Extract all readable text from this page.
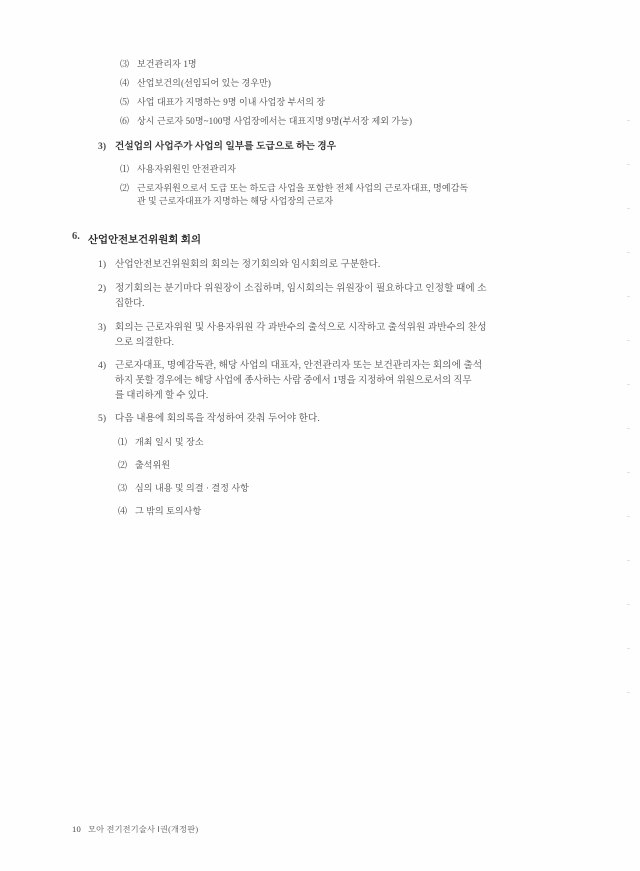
⑶ 보건관리자 1명
⑷ 산업보건의(선임되어 있는 경우만)
⑸ 사업 대표가 지명하는 9명 이내 사업장 부서의 장
⑹ 상시 근로자 50명~100명 사업장에서는 대표지명 9명(부서장 제외 가능)
3) 건설업의 사업주가 사업의 일부를 도급으로 하는 경우
⑴ 사용자위원인 안전관리자
⑵ 근로자위원으로서 도급 또는 하도급 사업을 포함한 전체 사업의 근로자대표, 명예감독
관 및 근로자대표가 지명하는 해당 사업장의 근로자
6. 산업안전보건위원회 회의
1) 산업안전보건위원회의 회의는 정기회의와 임시회의로 구분한다.
2) 정기회의는 분기마다 위원장이 소집하며, 임시회의는 위원장이 필요하다고 인정할 때에 소
집한다.
3) 회의는 근로자위원 및 사용자위원 각 과반수의 출석으로 시작하고 출석위원 과반수의 찬성
으로 의결한다.
4) 근로자대표, 명예감독관, 해당 사업의 대표자, 안전관리자 또는 보건관리자는 회의에 출석
하지 못할 경우에는 해당 사업에 종사하는 사람 중에서 1명을 지정하여 위원으로서의 직무
를 대리하게 할 수 있다.
5) 다음 내용에 회의록을 작성하여 갖춰 두어야 한다.
⑴ 개최 일시 및 장소
⑵ 출석위원
⑶ 심의 내용 및 의결 · 결정 사항
⑷ 그 밖의 토의사항
10 모아 전기전기술사 Ⅰ권(개정판)
